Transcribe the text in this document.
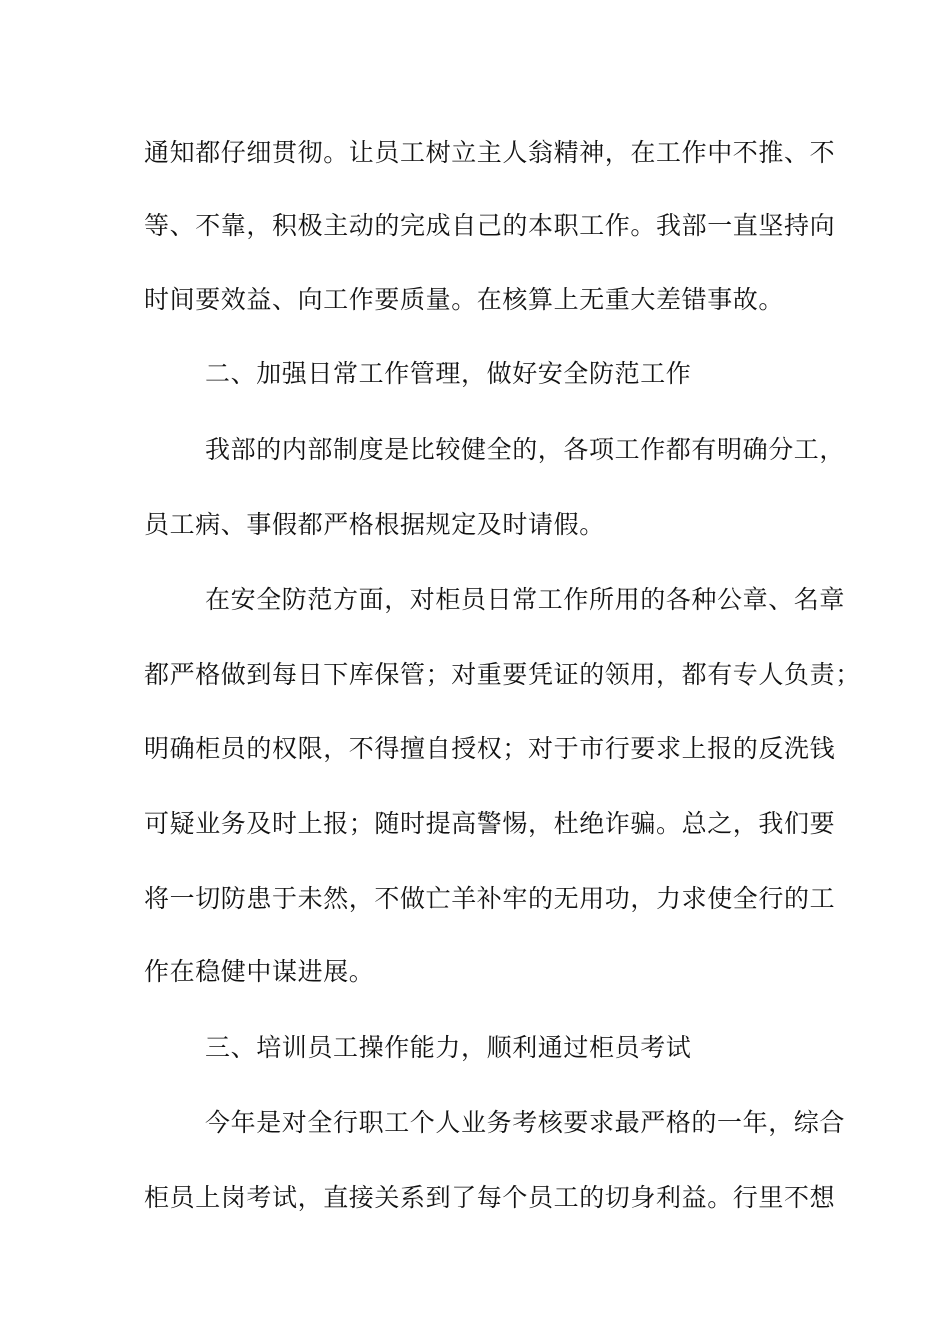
通知都仔细贯彻。让员工树立主人翁精神，在工作中不推、不
等、不靠，积极主动的完成自己的本职工作。我部一直坚持向
时间要效益、向工作要质量。在核算上无重大差错事故。
二、加强日常工作管理，做好安全防范工作
我部的内部制度是比较健全的，各项工作都有明确分工，
员工病、事假都严格根据规定及时请假。
在安全防范方面，对柜员日常工作所用的各种公章、名章
都严格做到每日下库保管；对重要凭证的领用，都有专人负责；
明确柜员的权限，不得擅自授权；对于市行要求上报的反洗钱
可疑业务及时上报；随时提高警惕，杜绝诈骗。总之，我们要
将一切防患于未然，不做亡羊补牢的无用功，力求使全行的工
作在稳健中谋进展。
三、培训员工操作能力，顺利通过柜员考试
今年是对全行职工个人业务考核要求最严格的一年，综合
柜员上岗考试，直接关系到了每个员工的切身利益。行里不想
